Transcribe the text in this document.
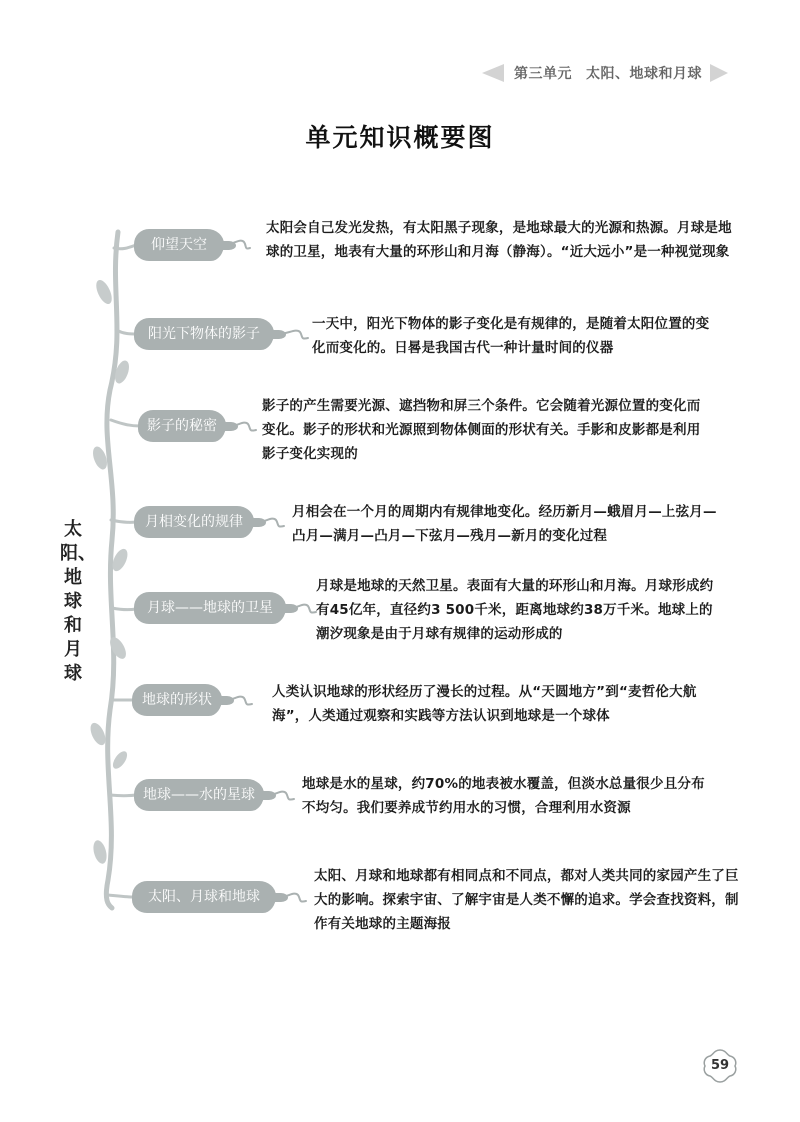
第三单元 太阳、地球和月球
单元知识概要图
太阳、地球和月球
仰望天空
阳光下物体的影子
影子的秘密
月相变化的规律
月球——地球的卫星
地球的形状
地球——水的星球
太阳、月球和地球
太阳会自己发光发热，有太阳黑子现象，是地球最大的光源和热源。月球是地球的卫星，地表有大量的环形山和月海（静海）。“近大远小”是一种视觉现象
一天中，阳光下物体的影子变化是有规律的，是随着太阳位置的变化而变化的。日晷是我国古代一种计量时间的仪器
影子的产生需要光源、遮挡物和屏三个条件。它会随着光源位置的变化而变化。影子的形状和光源照到物体侧面的形状有关。手影和皮影都是利用影子变化实现的
月相会在一个月的周期内有规律地变化。经历新月—蛾眉月—上弦月—凸月—满月—凸月—下弦月—残月—新月的变化过程
月球是地球的天然卫星。表面有大量的环形山和月海。月球形成约有45亿年，直径约3 500千米，距离地球约38万千米。地球上的潮汐现象是由于月球有规律的运动形成的
人类认识地球的形状经历了漫长的过程。从“天圆地方”到“麦哲伦大航海”，人类通过观察和实践等方法认识到地球是一个球体
地球是水的星球，约70%的地表被水覆盖，但淡水总量很少且分布不均匀。我们要养成节约用水的习惯，合理利用水资源
太阳、月球和地球都有相同点和不同点，都对人类共同的家园产生了巨大的影响。探索宇宙、了解宇宙是人类不懈的追求。学会查找资料，制作有关地球的主题海报
59
